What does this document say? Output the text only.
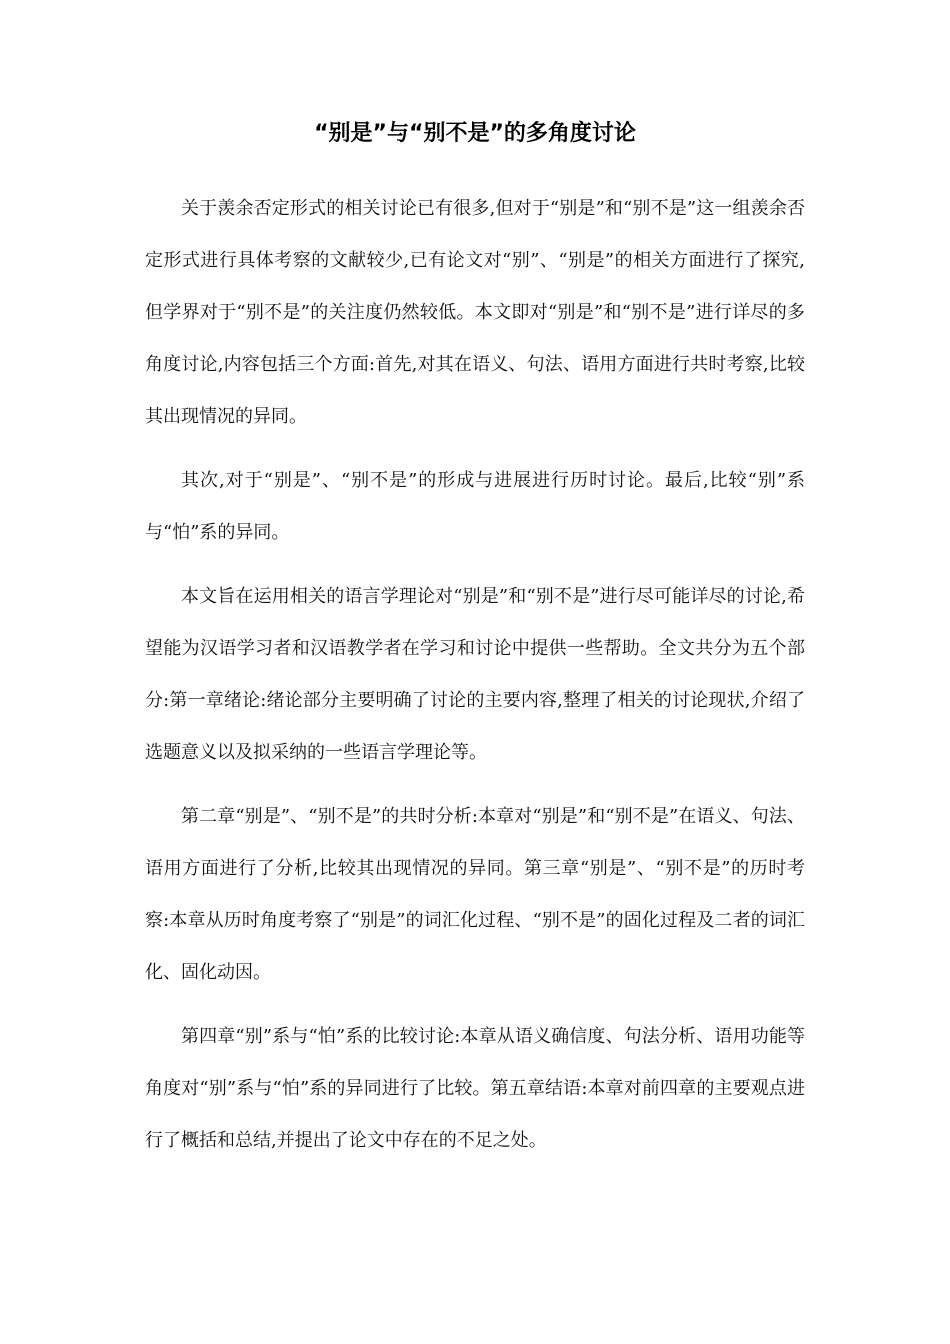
“别是”与“别不是”的多角度讨论

关于羡余否定形式的相关讨论已有很多,但对于“别是”和“别不是”这一组羡余否定形式进行具体考察的文献较少,已有论文对“别”、“别是”的相关方面进行了探究,但学界对于“别不是”的关注度仍然较低。本文即对“别是”和“别不是”进行详尽的多角度讨论,内容包括三个方面:首先,对其在语义、句法、语用方面进行共时考察,比较其出现情况的异同。

其次,对于“别是”、“别不是”的形成与进展进行历时讨论。最后,比较“别”系与“怕”系的异同。

本文旨在运用相关的语言学理论对“别是”和“别不是”进行尽可能详尽的讨论,希望能为汉语学习者和汉语教学者在学习和讨论中提供一些帮助。全文共分为五个部分:第一章绪论:绪论部分主要明确了讨论的主要内容,整理了相关的讨论现状,介绍了选题意义以及拟采纳的一些语言学理论等。

第二章“别是”、“别不是”的共时分析:本章对“别是”和“别不是”在语义、句法、语用方面进行了分析,比较其出现情况的异同。第三章“别是”、“别不是”的历时考察:本章从历时角度考察了“别是”的词汇化过程、“别不是”的固化过程及二者的词汇化、固化动因。

第四章“别”系与“怕”系的比较讨论:本章从语义确信度、句法分析、语用功能等角度对“别”系与“怕”系的异同进行了比较。第五章结语:本章对前四章的主要观点进行了概括和总结,并提出了论文中存在的不足之处。
